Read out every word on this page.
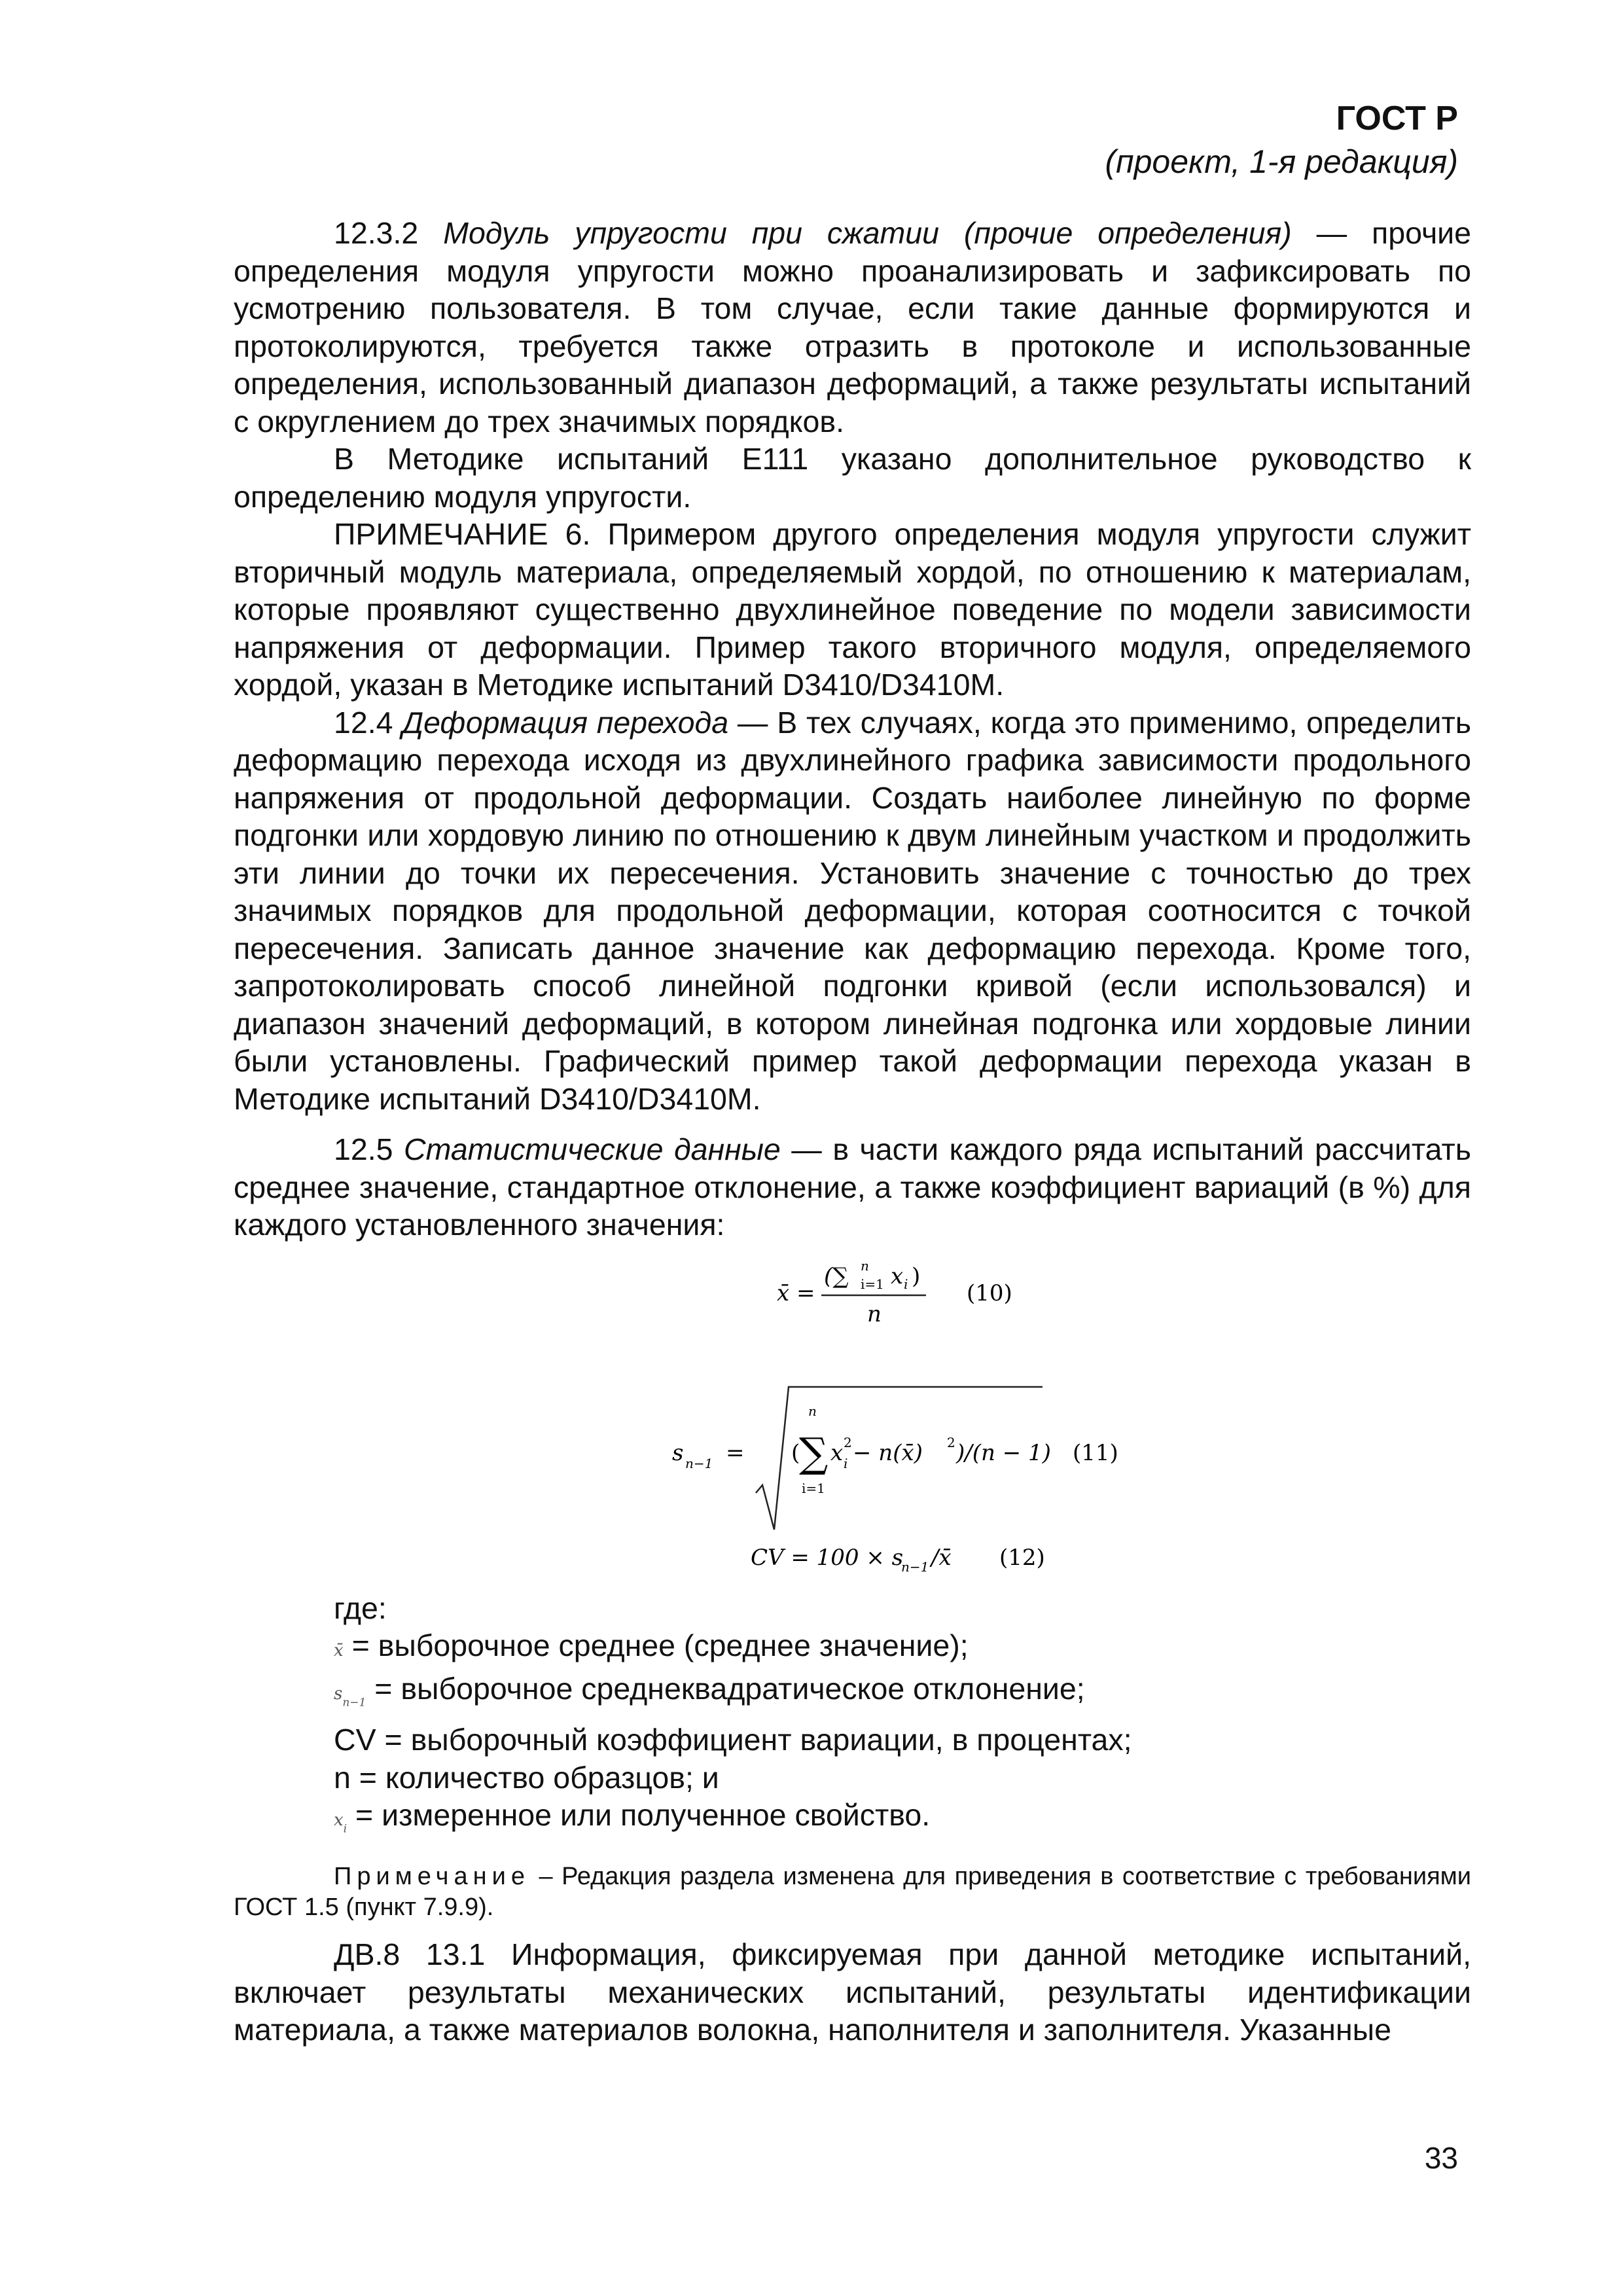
ГОСТ Р
(проект, 1-я редакция)

12.3.2 Модуль упругости при сжатии (прочие определения) — прочие определения модуля упругости можно проанализировать и зафиксировать по усмотрению пользователя. В том случае, если такие данные формируются и протоколируются, требуется также отразить в протоколе и использованные определения, использованный диапазон деформаций, а также результаты испытаний с округлением до трех значимых порядков.

В Методике испытаний E111 указано дополнительное руководство к определению модуля упругости.

ПРИМЕЧАНИЕ 6. Примером другого определения модуля упругости служит вторичный модуль материала, определяемый хордой, по отношению к материалам, которые проявляют существенно двухлинейное поведение по модели зависимости напряжения от деформации. Пример такого вторичного модуля, определяемого хордой, указан в Методике испытаний D3410/D3410M.

12.4 Деформация перехода — В тех случаях, когда это применимо, определить деформацию перехода исходя из двухлинейного графика зависимости продольного напряжения от продольной деформации. Создать наиболее линейную по форме подгонки или хордовую линию по отношению к двум линейным участком и продолжить эти линии до точки их пересечения. Установить значение с точностью до трех значимых порядков для продольной деформации, которая соотносится с точкой пересечения. Записать данное значение как деформацию перехода. Кроме того, запротоколировать способ линейной подгонки кривой (если использовался) и диапазон значений деформаций, в котором линейная подгонка или хордовые линии были установлены. Графический пример такой деформации перехода указан в Методике испытаний D3410/D3410M.

12.5 Статистические данные — в части каждого ряда испытаний рассчитать среднее значение, стандартное отклонение, а также коэффициент вариаций (в %) для каждого установленного значения:

x̄ =
(∑ n
i=1 x i )
n
(10)
s n−1 = (
∑
n
i=1
x 2
i − n(x̄) 2 )/(n − 1) (11)
CV = 100 × s
n−1 /x̄ (12)
где:
x̄ = выборочное среднее (среднее значение);
$s_{n-1}$ = выборочное среднеквадратическое отклонение;
CV = выборочный коэффициент вариации, в процентах;
n = количество образцов; и
$x_i$ = измеренное или полученное свойство.
Примечание – Редакция раздела изменена для приведения в соответствие с требованиями ГОСТ 1.5 (пункт 7.9.9).

ДВ.8 13.1 Информация, фиксируемая при данной методике испытаний, включает результаты механических испытаний, результаты идентификации материала, а также материалов волокна, наполнителя и заполнителя. Указанные

33
